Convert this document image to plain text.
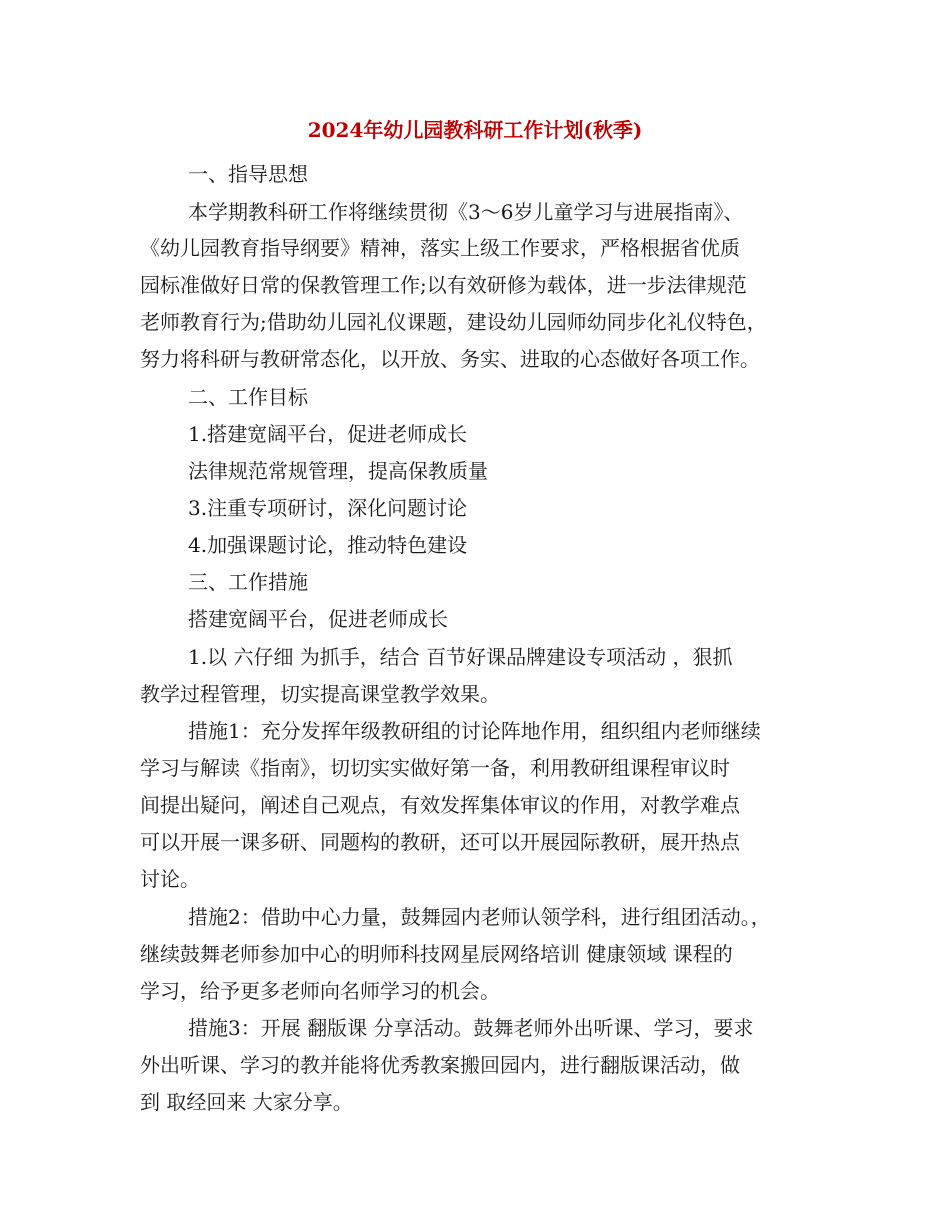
2024年幼儿园教科研工作计划(秋季)
一、指导思想
本学期教科研工作将继续贯彻《3～6岁儿童学习与进展指南》、
《幼儿园教育指导纲要》精神，落实上级工作要求，严格根据省优质
园标准做好日常的保教管理工作;以有效研修为载体，进一步法律规范
老师教育行为;借助幼儿园礼仪课题，建设幼儿园师幼同步化礼仪特色，
努力将科研与教研常态化，以开放、务实、进取的心态做好各项工作。
二、工作目标
1.搭建宽阔平台，促进老师成长
法律规范常规管理，提高保教质量
3.注重专项研讨，深化问题讨论
4.加强课题讨论，推动特色建设
三、工作措施
搭建宽阔平台，促进老师成长
1.以 六仔细 为抓手，结合 百节好课品牌建设专项活动 ，狠抓
教学过程管理，切实提高课堂教学效果。
措施1：充分发挥年级教研组的讨论阵地作用，组织组内老师继续
学习与解读《指南》，切切实实做好第一备，利用教研组课程审议时
间提出疑问，阐述自己观点，有效发挥集体审议的作用，对教学难点
可以开展一课多研、同题构的教研，还可以开展园际教研，展开热点
讨论。
措施2：借助中心力量，鼓舞园内老师认领学科，进行组团活动。，
继续鼓舞老师参加中心的明师科技网星辰网络培训 健康领域 课程的
学习，给予更多老师向名师学习的机会。
措施3：开展 翻版课 分享活动。鼓舞老师外出听课、学习，要求
外出听课、学习的教并能将优秀教案搬回园内，进行翻版课活动，做
到 取经回来 大家分享。
